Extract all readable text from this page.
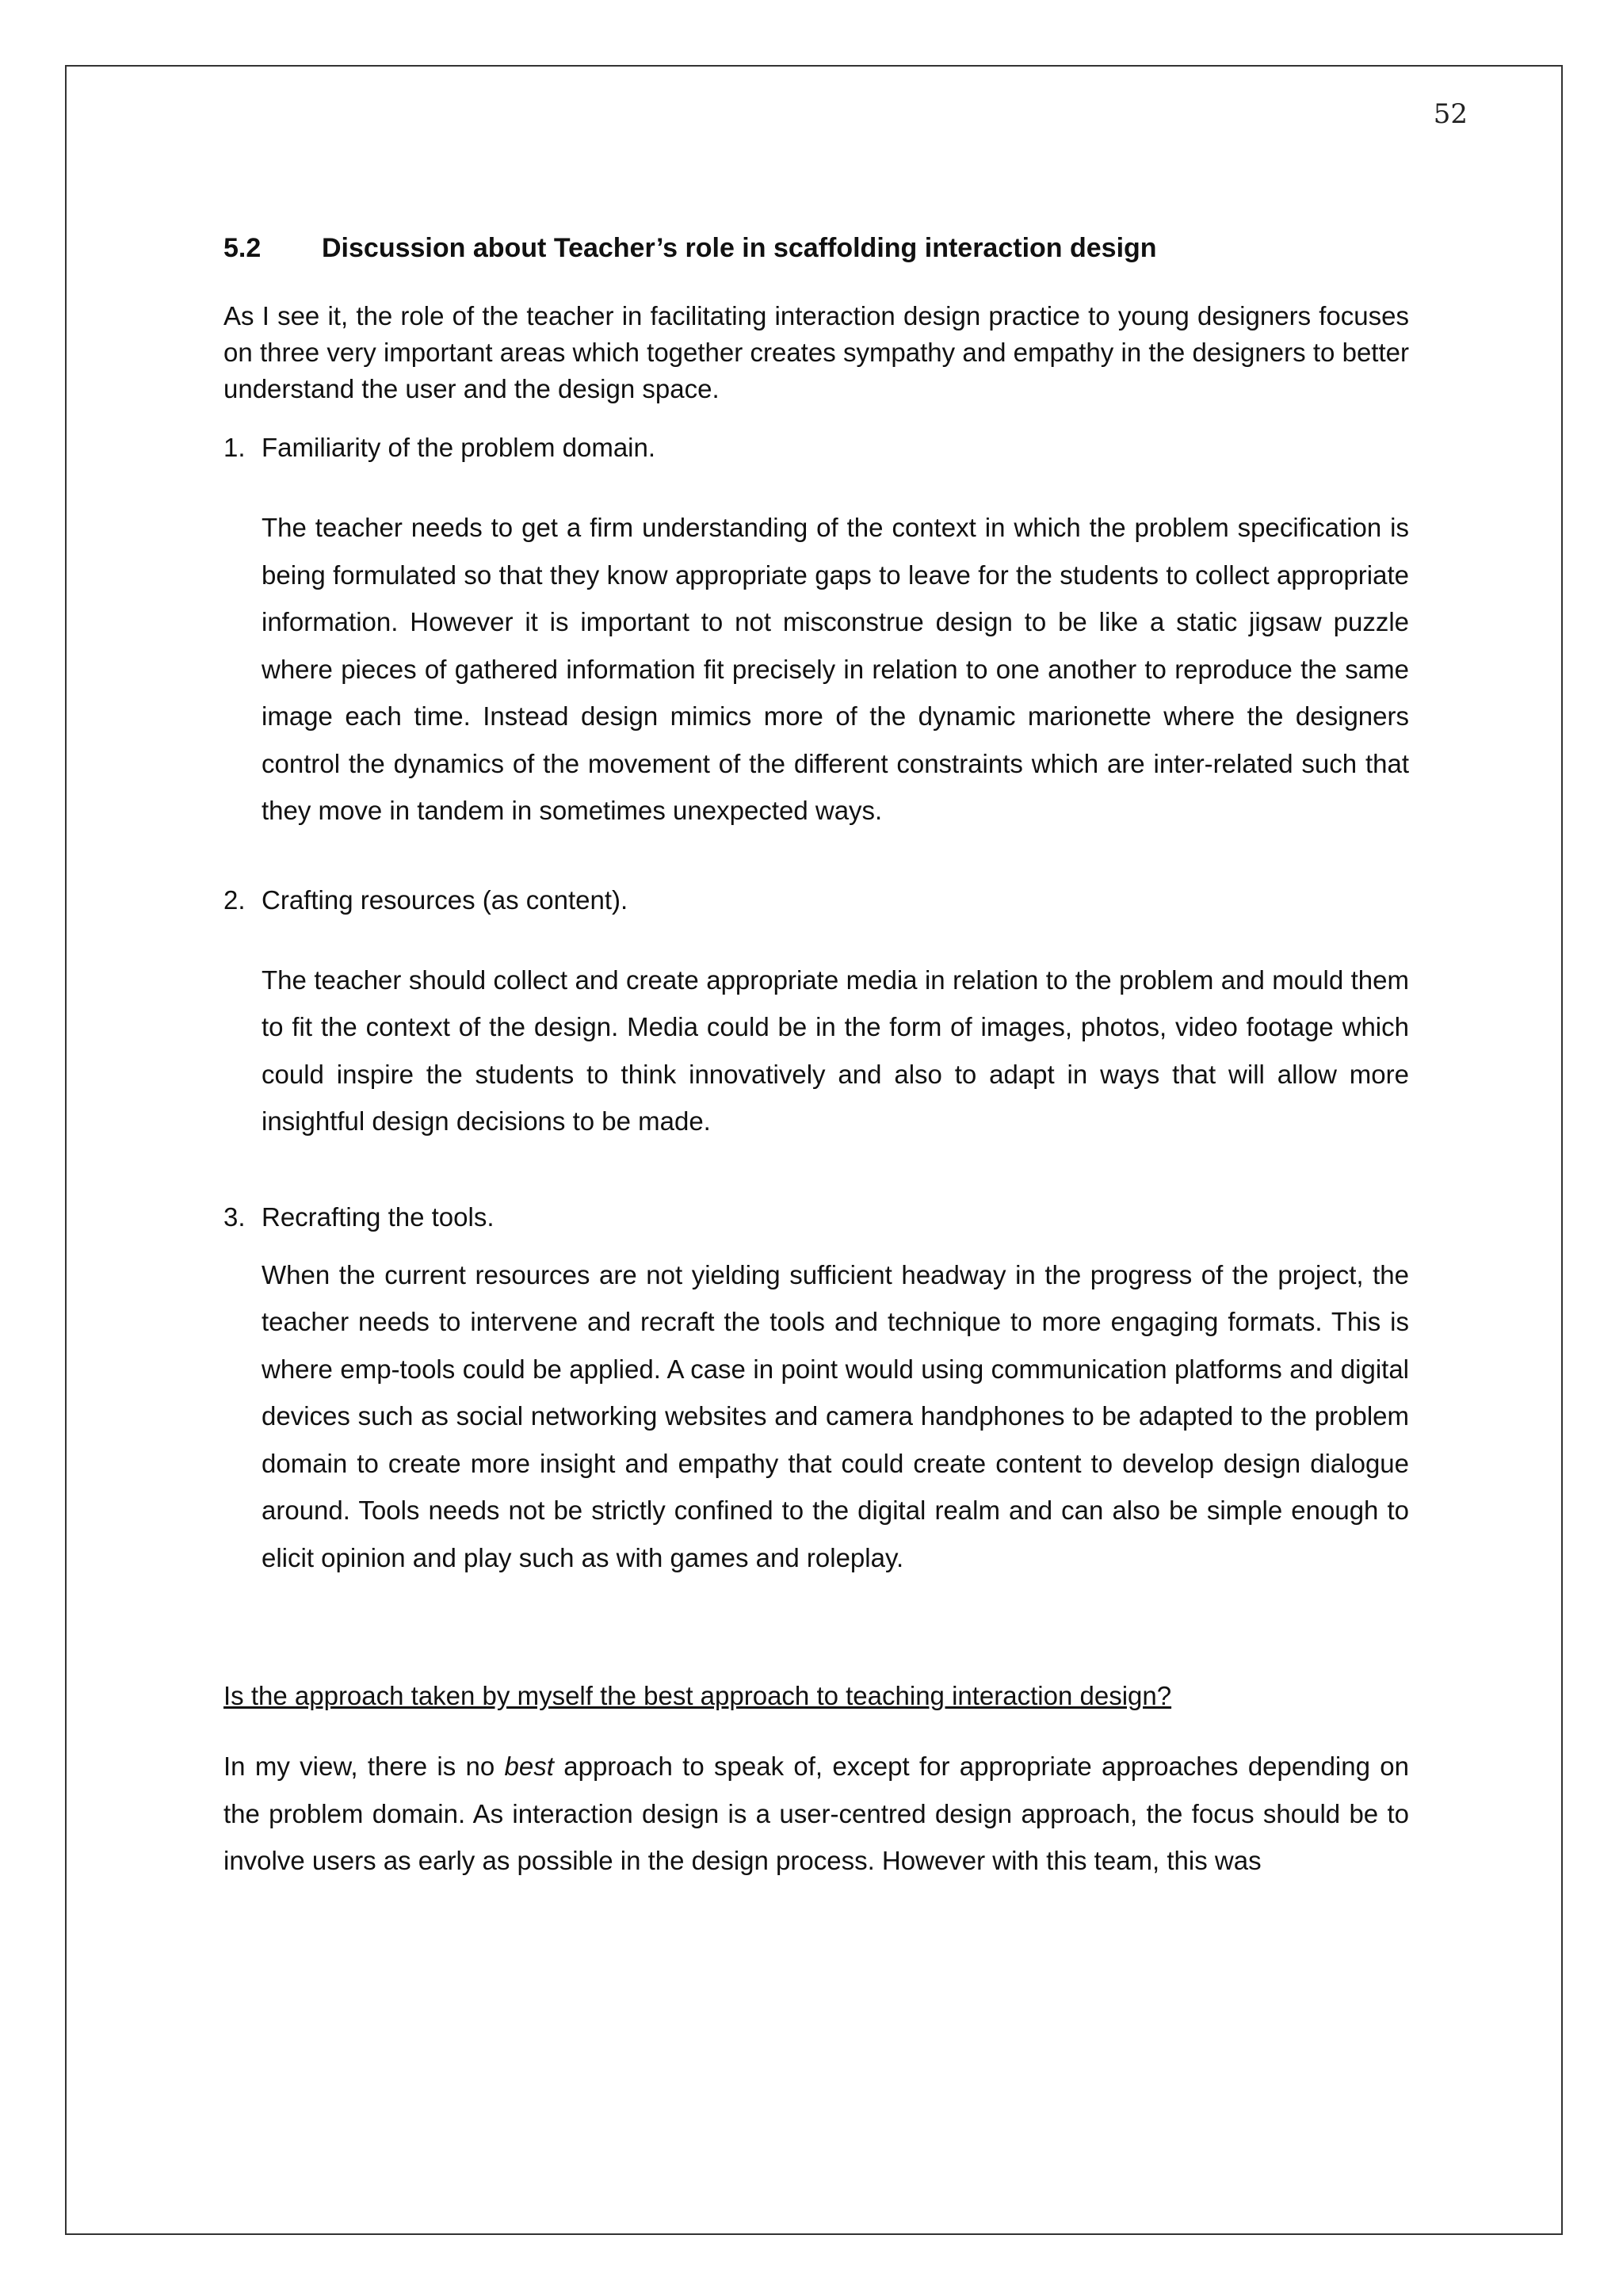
52
5.2 Discussion about Teacher’s role in scaffolding interaction design

As I see it, the role of the teacher in facilitating interaction design practice to young designers focuses on three very important areas which together creates sympathy and empathy in the designers to better understand the user and the design space.

1. Familiarity of the problem domain.

The teacher needs to get a firm understanding of the context in which the problem specification is being formulated so that they know appropriate gaps to leave for the students to collect appropriate information. However it is important to not misconstrue design to be like a static jigsaw puzzle where pieces of gathered information fit precisely in relation to one another to reproduce the same image each time. Instead design mimics more of the dynamic marionette where the designers control the dynamics of the movement of the different constraints which are inter-related such that they move in tandem in sometimes unexpected ways.

2. Crafting resources (as content).

The teacher should collect and create appropriate media in relation to the problem and mould them to fit the context of the design. Media could be in the form of images, photos, video footage which could inspire the students to think innovatively and also to adapt in ways that will allow more insightful design decisions to be made.

3. Recrafting the tools.

When the current resources are not yielding sufficient headway in the progress of the project, the teacher needs to intervene and recraft the tools and technique to more engaging formats. This is where emp-tools could be applied. A case in point would using communication platforms and digital devices such as social networking websites and camera handphones to be adapted to the problem domain to create more insight and empathy that could create content to develop design dialogue around. Tools needs not be strictly confined to the digital realm and can also be simple enough to elicit opinion and play such as with games and roleplay.

Is the approach taken by myself the best approach to teaching interaction design?

In my view, there is no best approach to speak of, except for appropriate approaches depending on the problem domain. As interaction design is a user-centred design approach, the focus should be to involve users as early as possible in the design process. However with this team, this was
